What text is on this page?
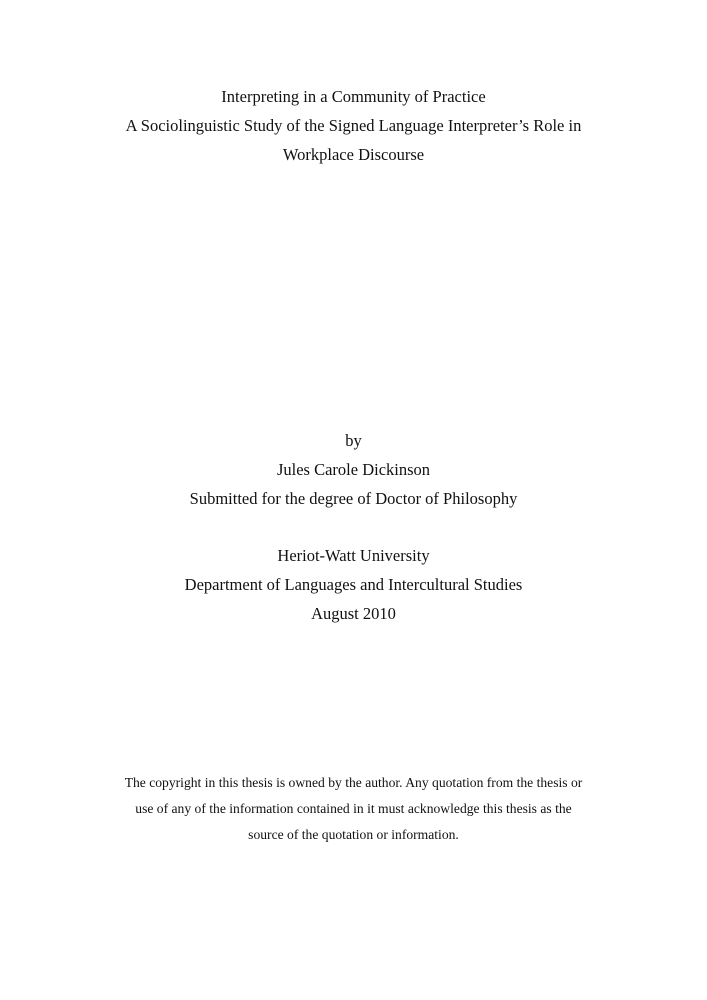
Interpreting in a Community of Practice
A Sociolinguistic Study of the Signed Language Interpreter’s Role in
Workplace Discourse
by
Jules Carole Dickinson
Submitted for the degree of Doctor of Philosophy
Heriot-Watt University
Department of Languages and Intercultural Studies
August 2010
The copyright in this thesis is owned by the author. Any quotation from the thesis or
use of any of the information contained in it must acknowledge this thesis as the
source of the quotation or information.
